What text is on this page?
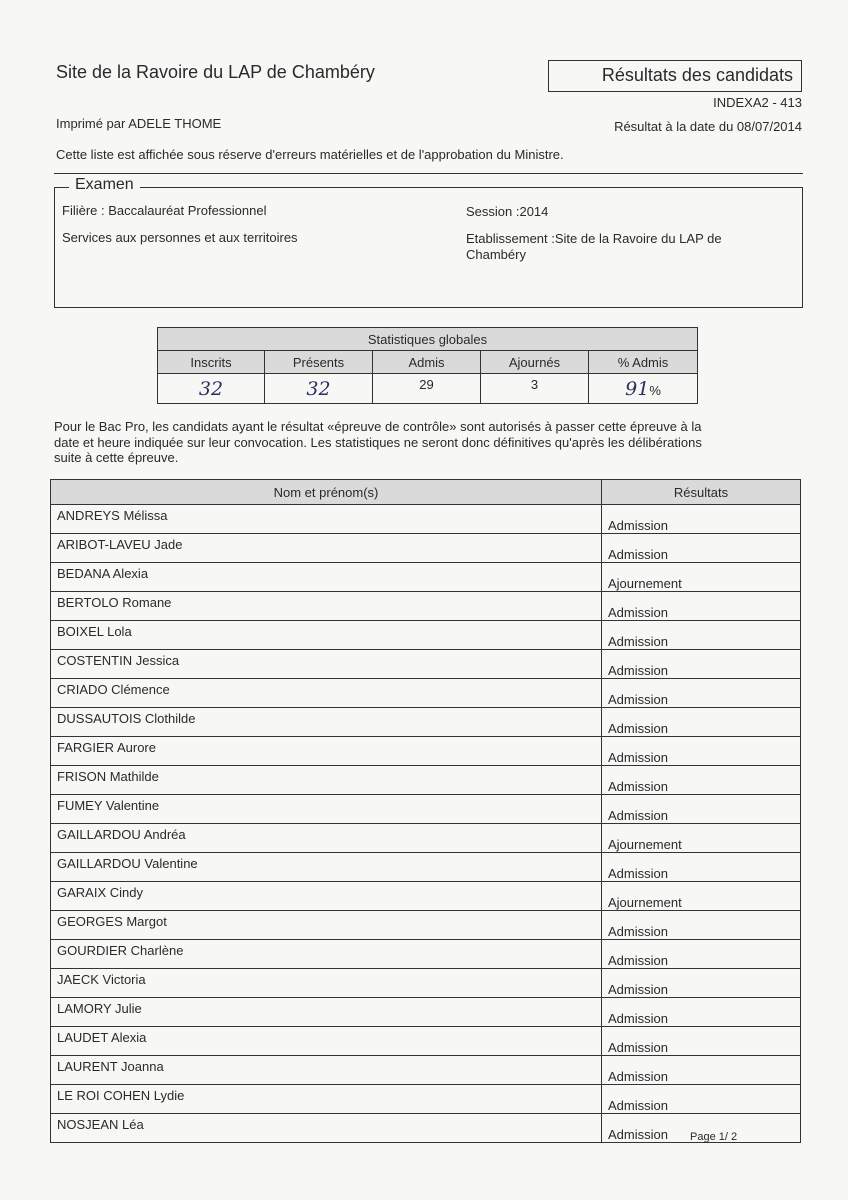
Site de la Ravoire du LAP de Chambéry	Résultats des candidats
INDEXA2 - 413
Imprimé par ADELE THOME	Résultat à la date du 08/07/2014
Cette liste est affichée sous réserve d'erreurs matérielles et de l'approbation du Ministre.
Examen
Filière : Baccalauréat Professionnel
Services aux personnes et aux territoires
Session :2014
Etablissement :Site de la Ravoire du LAP de Chambéry
Statistiques globales				
Inscrits	Présents	Admis	Ajournés	% Admis
32	32	29	3	91%
Pour le Bac Pro, les candidats ayant le résultat «épreuve de contrôle» sont autorisés à passer cette épreuve à la date et heure indiquée sur leur convocation. Les statistiques ne seront donc définitives qu'après les délibérations suite à cette épreuve.
Nom et prénom(s)	Résultats
ANDREYS Mélissa	Admission
ARIBOT-LAVEU Jade	Admission
BEDANA Alexia	Ajournement
BERTOLO Romane	Admission
BOIXEL Lola	Admission
COSTENTIN Jessica	Admission
CRIADO Clémence	Admission
DUSSAUTOIS Clothilde	Admission
FARGIER Aurore	Admission
FRISON Mathilde	Admission
FUMEY Valentine	Admission
GAILLARDOU Andréa	Ajournement
GAILLARDOU Valentine	Admission
GARAIX Cindy	Ajournement
GEORGES Margot	Admission
GOURDIER Charlène	Admission
JAECK Victoria	Admission
LAMORY Julie	Admission
LAUDET Alexia	Admission
LAURENT Joanna	Admission
LE ROI COHEN Lydie	Admission
NOSJEAN Léa	Admission Page 1/ 2
